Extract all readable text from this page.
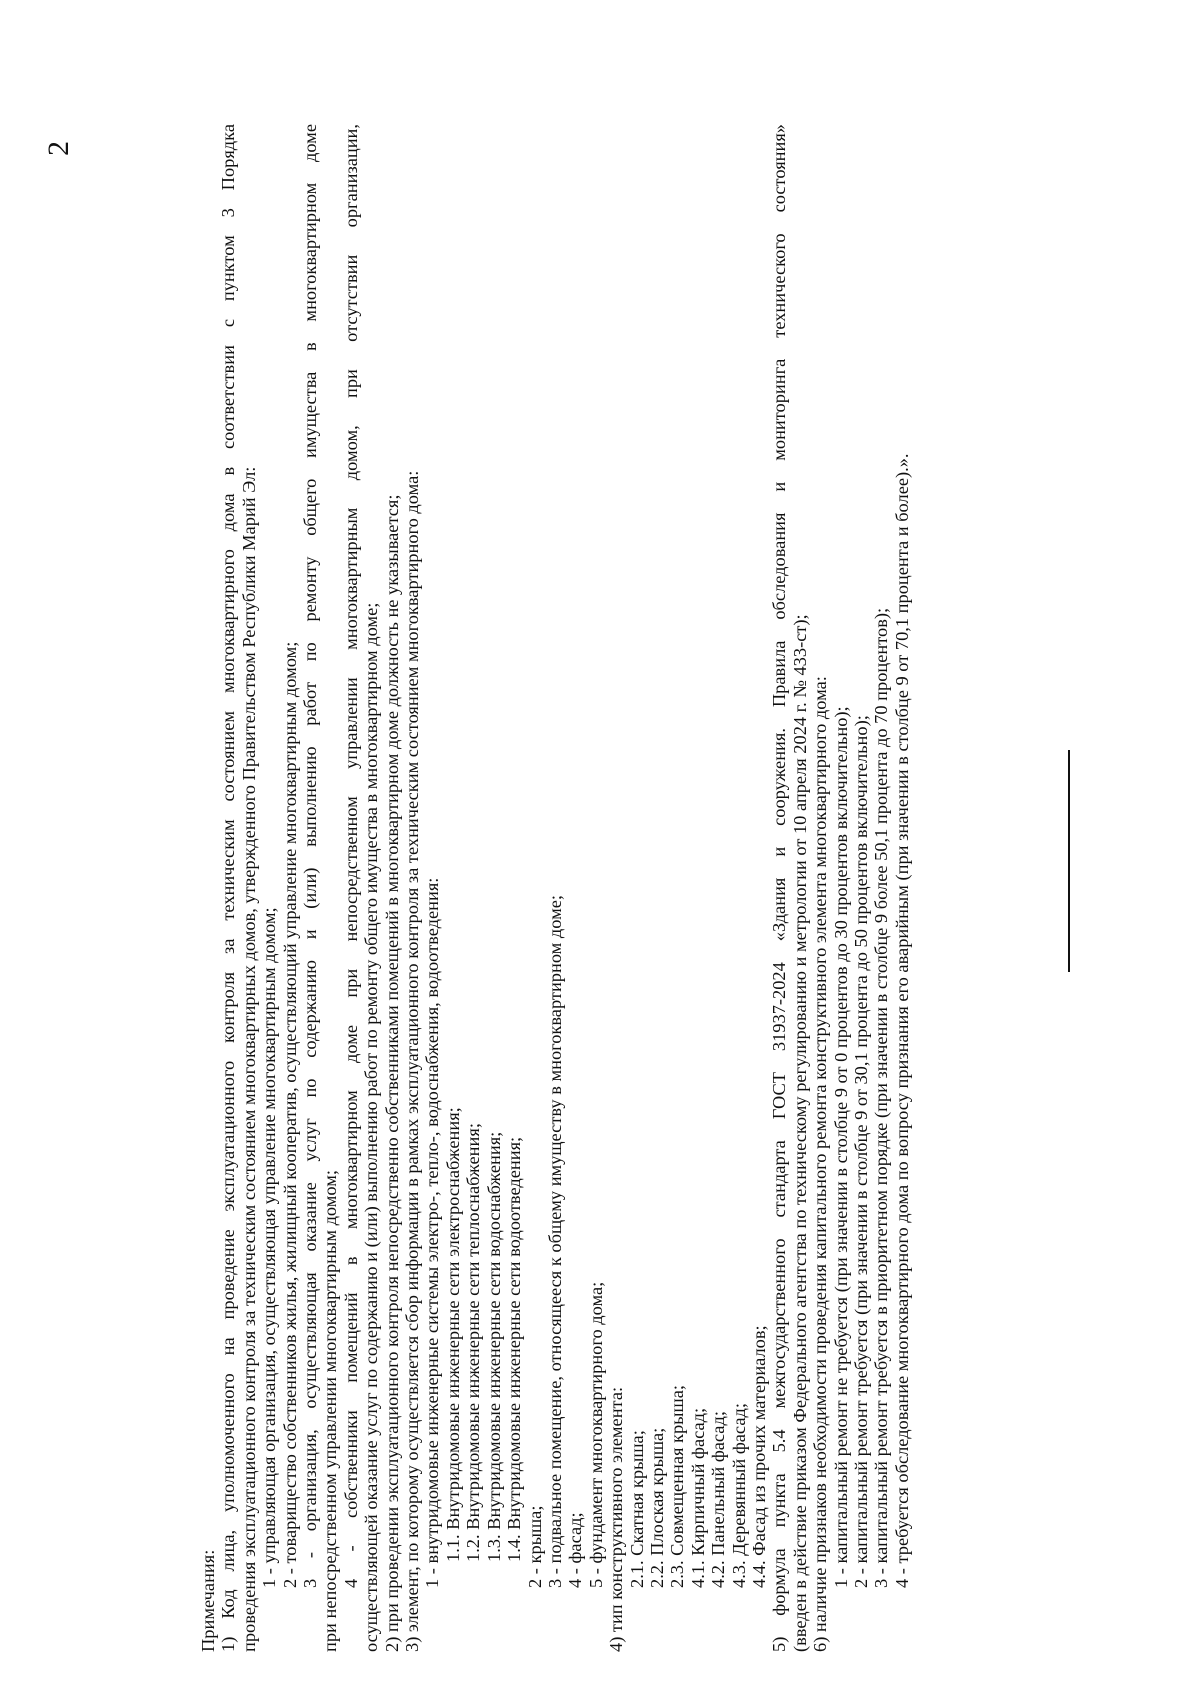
2
Примечания: 1) Код лица, уполномоченного на проведение эксплуатационного контроля за техническим состоянием многоквартирного дома в соответствии с пунктом 3 Порядка проведения эксплуатационного контроля за техническим состоянием многоквартирных домов, утвержденного Правительством Республики Марий Эл: 1 - управляющая организация, осуществляющая управление многоквартирным домом; 2 - товарищество собственников жилья, жилищный кооператив, осуществляющий управление многоквартирным домом; 3 - организация, осуществляющая оказание услуг по содержанию и (или) выполнению работ по ремонту общего имущества в многоквартирном доме при непосредственном управлении многоквартирным домом; 4 - собственники помещений в многоквартирном доме при непосредственном управлении многоквартирным домом, при отсутствии организации, осуществляющей оказание услуг по содержанию и (или) выполнению работ по ремонту общего имущества в многоквартирном доме; 2) при проведении эксплуатационного контроля непосредственно собственниками помещений в многоквартирном доме должность не указывается; 3) элемент, по которому осуществляется сбор информации в рамках эксплуатационного контроля за техническим состоянием многоквартирного дома: 1 - внутридомовые инженерные системы электро-, тепло-, водоснабжения, водоотведения: 1.1. Внутридомовые инженерные сети электроснабжения; 1.2. Внутридомовые инженерные сети теплоснабжения; 1.3. Внутридомовые инженерные сети водоснабжения; 1.4. Внутридомовые инженерные сети водоотведения; 2 - крыша; 3 - подвальное помещение, относящееся к общему имуществу в многоквартирном доме; 4 - фасад; 5 - фундамент многоквартирного дома; 4) тип конструктивного элемента: 2.1. Скатная крыша; 2.2. Плоская крыша; 2.3. Совмещенная крыша; 4.1. Кирпичный фасад; 4.2. Панельный фасад; 4.3. Деревянный фасад; 4.4. Фасад из прочих материалов; 5) формула пункта 5.4 межгосударственного стандарта ГОСТ 31937-2024 «Здания и сооружения. Правила обследования и мониторинга технического состояния» (введен в действие приказом Федерального агентства по техническому регулированию и метрологии от 10 апреля 2024 г. № 433-ст); 6) наличие признаков необходимости проведения капитального ремонта конструктивного элемента многоквартирного дома: 1 - капитальный ремонт не требуется (при значении в столбце 9 от 0 процентов до 30 процентов включительно); 2 - капитальный ремонт требуется (при значении в столбце 9 от 30,1 процента до 50 процентов включительно); 3 - капитальный ремонт требуется в приоритетном порядке (при значении в столбце 9 более 50,1 процента до 70 процентов); 4 - требуется обследование многоквартирного дома по вопросу признания его аварийным (при значении в столбце 9 от 70,1 процента и более).».
